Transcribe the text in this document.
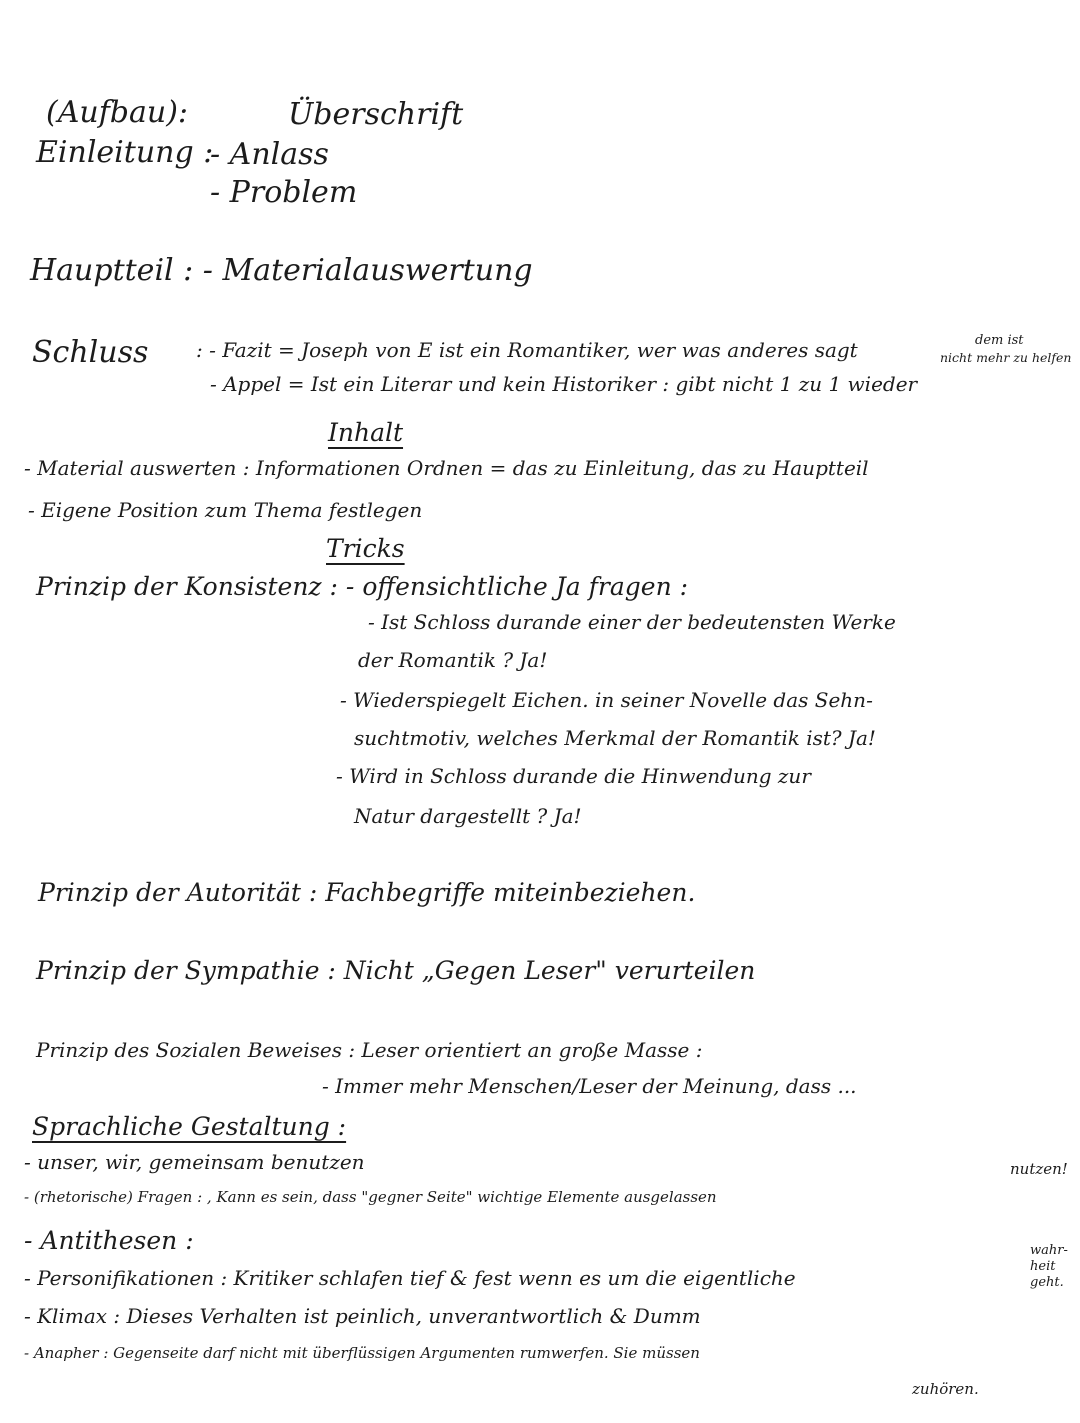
(Aufbau):	Überschrift
Einleitung :
- Anlass
- Problem
Hauptteil : - Materialauswertung
Schluss : - Fazit = Joseph von E ist ein Romantiker, wer was anderes sagt	dem ist
nicht mehr zu helfen
- Appel = Ist ein Literar und kein Historiker : gibt nicht 1 zu 1 wieder
Inhalt
- Material auswerten : Informationen Ordnen = das zu Einleitung, das zu Hauptteil
- Eigene Position zum Thema festlegen
Tricks
Prinzip der Konsistenz : - offensichtliche Ja fragen :
- Ist Schloss durande einer der bedeutensten Werke
der Romantik ? Ja!
- Wiederspiegelt Eichen. in seiner Novelle das Sehn-
suchtmotiv, welches Merkmal der Romantik ist? Ja!
- Wird in Schloss durande die Hinwendung zur
Natur dargestellt ? Ja!
Prinzip der Autorität : Fachbegriffe miteinbeziehen.
Prinzip der Sympathie : Nicht „Gegen Leser" verurteilen
Prinzip des Sozialen Beweises : Leser orientiert an große Masse :
- Immer mehr Menschen/Leser der Meinung, dass ...
Sprachliche Gestaltung :
- unser, wir, gemeinsam benutzen
- (rhetorische) Fragen : , Kann es sein, dass "gegner Seite" wichtige Elemente ausgelassen
- Antithesen :
- Personifikationen : Kritiker schlafen tief & fest wenn es um die eigentliche
- Klimax : Dieses Verhalten ist peinlich, unverantwortlich & Dumm
- Anapher : Gegenseite darf nicht mit überflüssigen Argumenten rumwerfen. Sie müssen
nutzen!
wahr-
heit
geht.
zuhören.
